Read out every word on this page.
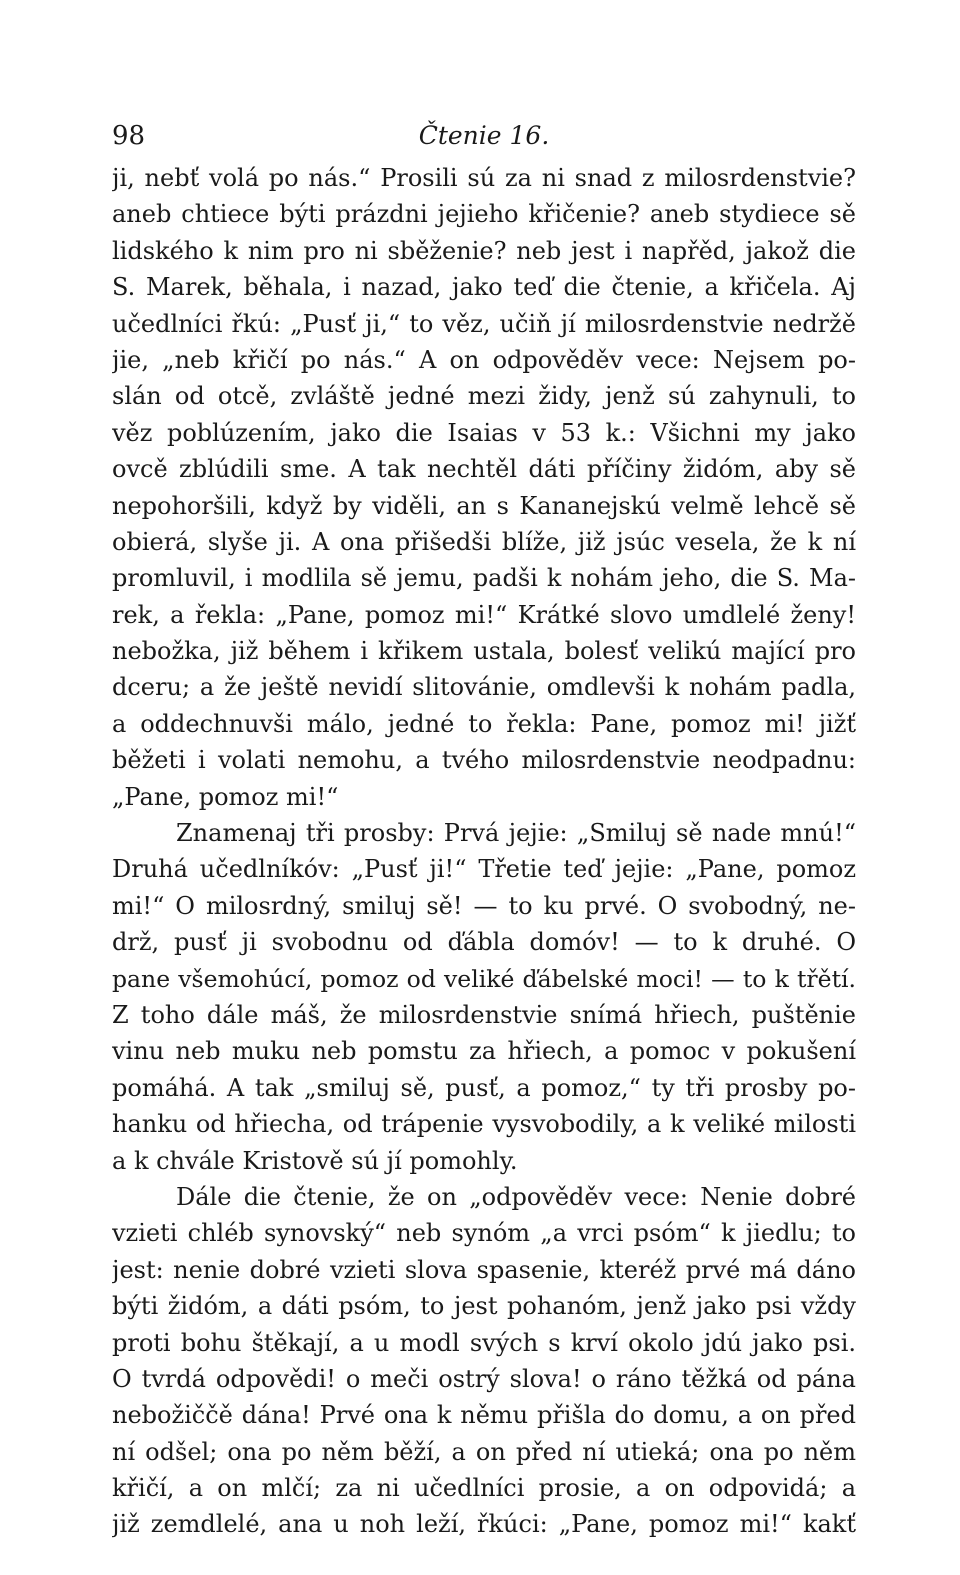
98	Čtenie 16.
ji, nebť volá po nás.“ Prosili sú za ni snad z milosrdenstvie?
aneb chtiece býti prázdni jejieho křičenie? aneb stydiece sě
lidského k nim pro ni sběženie? neb jest i napřěd, jakož die
S. Marek, běhala, i nazad, jako teď die čtenie, a křičela. Aj
učedlníci řkú: „Pusť ji,“ to věz, učiň jí milosrdenstvie nedržě
jie, „neb křičí po nás.“ A on odpověděv vece: Nejsem po-
slán od otcě, zvláště jedné mezi židy, jenž sú zahynuli, to
věz poblúzením, jako die Isaias v 53 k.: Všichni my jako
ovcě zblúdili sme. A tak nechtěl dáti příčiny židóm, aby sě
nepohoršili, když by viděli, an s Kananejskú velmě lehcě sě
obierá, slyše ji. A ona přišedši blíže, již jsúc vesela, že k ní
promluvil, i modlila sě jemu, padši k nohám jeho, die S. Ma-
rek, a řekla: „Pane, pomoz mi!“ Krátké slovo umdlelé ženy!
nebožka, již během i křikem ustala, bolesť velikú mající pro
dceru; a že ještě nevidí slitovánie, omdlevši k nohám padla,
a oddechnuvši málo, jedné to řekla: Pane, pomoz mi! jižť
běžeti i volati nemohu, a tvého milosrdenstvie neodpadnu:
„Pane, pomoz mi!“
Znamenaj tři prosby: Prvá jejie: „Smiluj sě nade mnú!“
Druhá učedlníkóv: „Pusť ji!“ Třetie teď jejie: „Pane, pomoz
mi!“ O milosrdný, smiluj sě! — to ku prvé. O svobodný, ne-
drž, pusť ji svobodnu od ďábla domóv! — to k druhé. O
pane všemohúcí, pomoz od veliké ďábelské moci! — to k třětí.
Z toho dále máš, že milosrdenstvie snímá hřiech, puštěnie
vinu neb muku neb pomstu za hřiech, a pomoc v pokušení
pomáhá. A tak „smiluj sě, pusť, a pomoz,“ ty tři prosby po-
hanku od hřiecha, od trápenie vysvobodily, a k veliké milosti
a k chvále Kristově sú jí pomohly.
Dále die čtenie, že on „odpověděv vece: Nenie dobré
vzieti chléb synovský“ neb synóm „a vrci psóm“ k jiedlu; to
jest: nenie dobré vzieti slova spasenie, kteréž prvé má dáno
býti židóm, a dáti psóm, to jest pohanóm, jenž jako psi vždy
proti bohu štěkají, a u modl svých s krví okolo jdú jako psi.
O tvrdá odpovědi! o meči ostrý slova! o ráno těžká od pána
nebožiččě dána! Prvé ona k němu přišla do domu, a on před
ní odšel; ona po něm běží, a on před ní utieká; ona po něm
křičí, a on mlčí; za ni učedlníci prosie, a on odpovidá; a
již zemdlelé, ana u noh leží, řkúci: „Pane, pomoz mi!“ kakť
